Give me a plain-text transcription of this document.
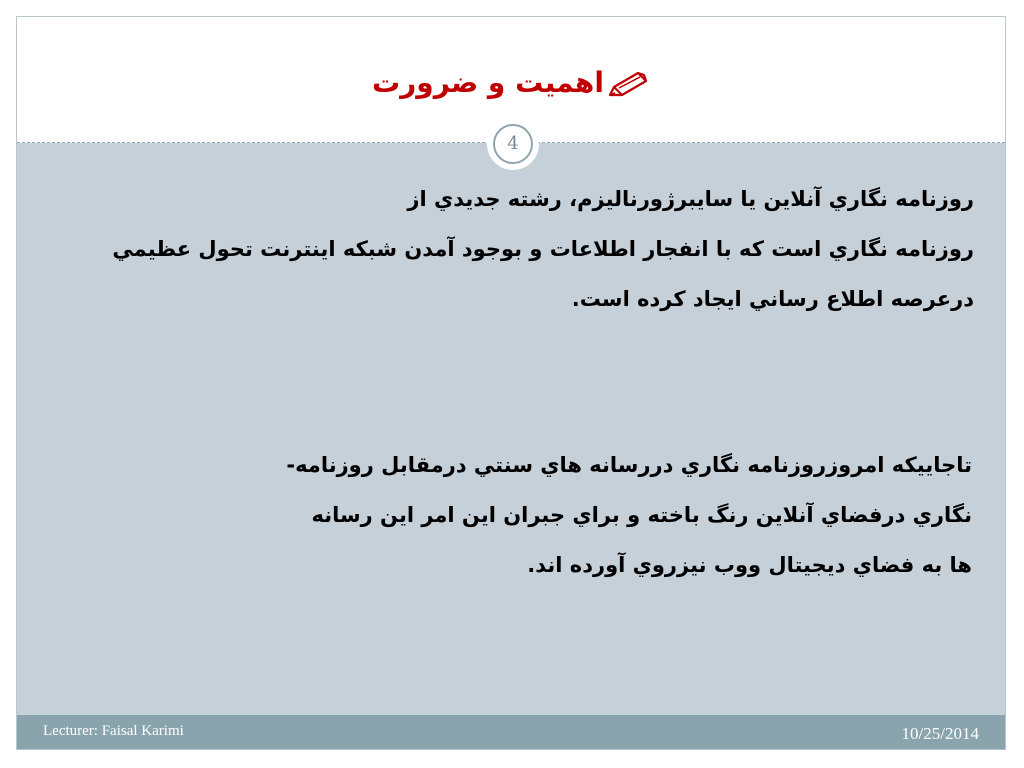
اهميت و ضرورت
4
روزنامه نگاري آنلاين يا سايبرژورناليزم، رشته جديدي از
روزنامه نگاري است كه با انفجار اطلاعات و بوجود آمدن شبكه اينترنت تحول عظيمي
درعرصه اطلاع رساني ايجاد كرده است.
تاجاييكه امروزروزنامه نگاري دررسانه هاي سنتي درمقابل روزنامه-
نگاري درفضاي آنلاين رنگ باخته و براي جبران اين امر اين رسانه
ها به فضاي ديجيتال ووب نيزروي آورده اند.
Lecturer: Faisal Karimi	10/25/2014
